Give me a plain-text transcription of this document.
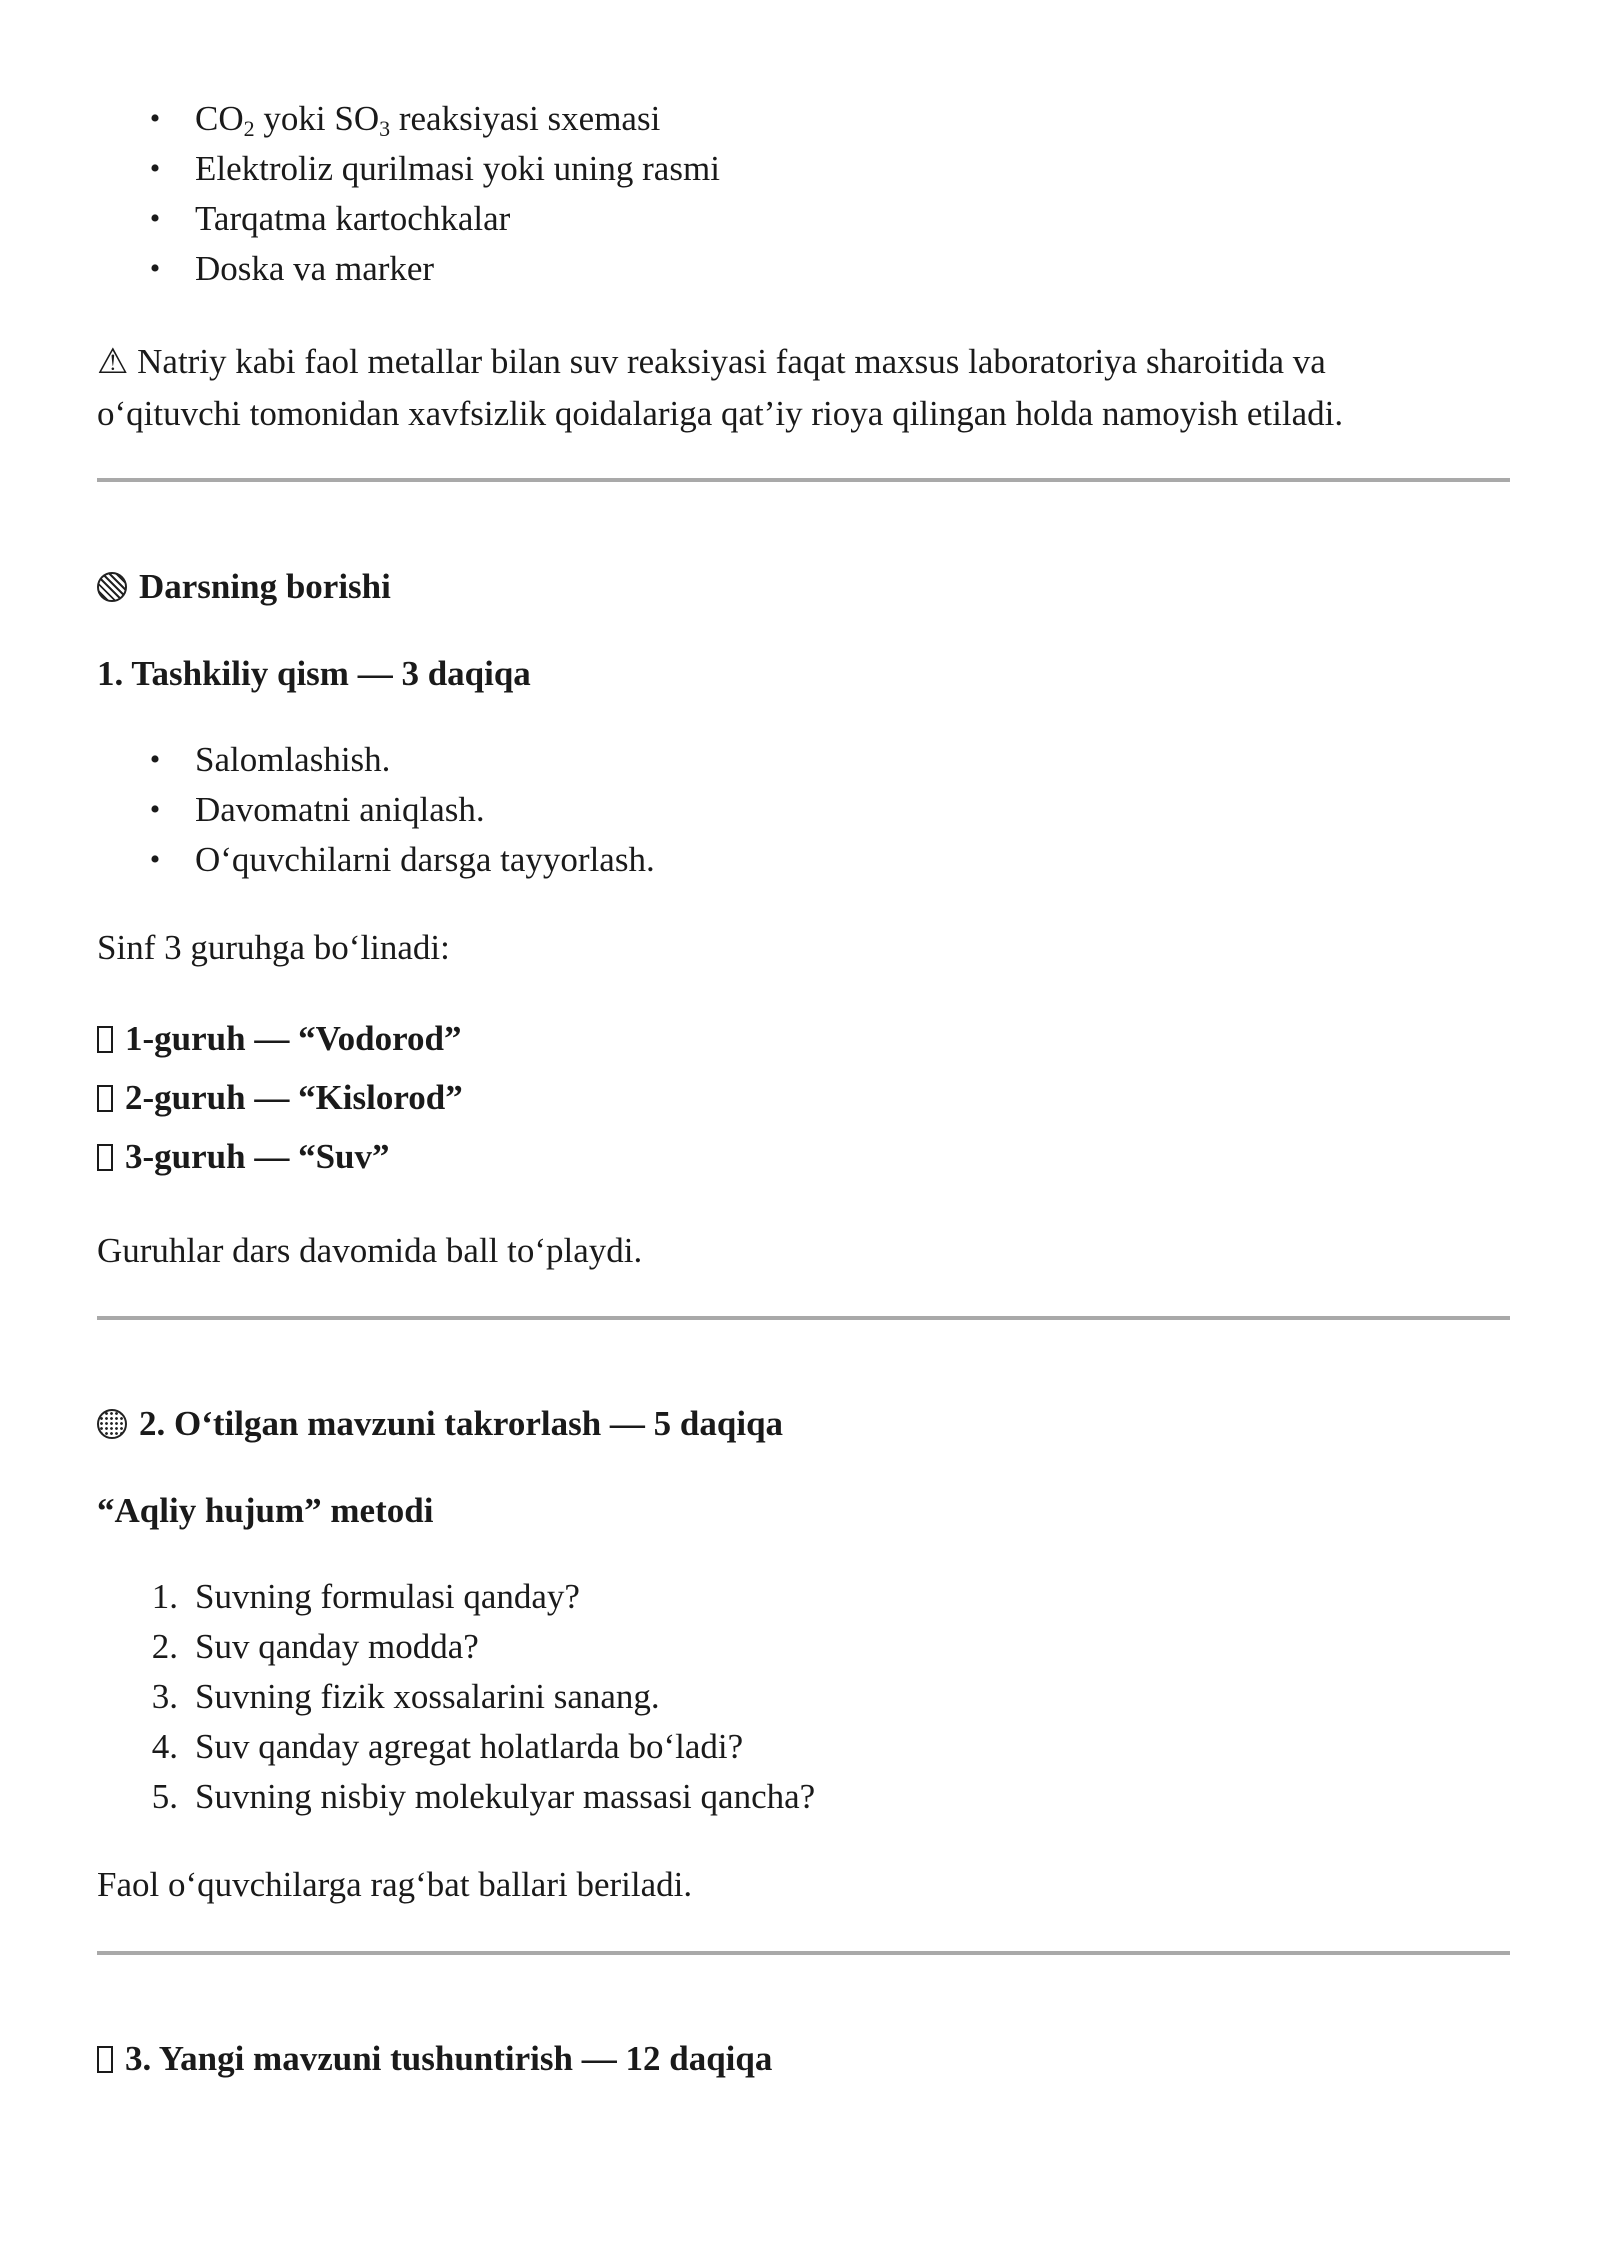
• $CO_2$ yoki $SO_3$ reaksiyasi sxemasi
• Elektroliz qurilmasi yoki uning rasmi
• Tarqatma kartochkalar
• Doska va marker
⚠ Natriy kabi faol metallar bilan suv reaksiyasi faqat maxsus laboratoriya sharoitida va
o‘qituvchi tomonidan xavfsizlik qoidalariga qat’iy rioya qilingan holda namoyish etiladi.
Darsning borishi
1. Tashkiliy qism — 3 daqiqa
• Salomlashish.
• Davomatni aniqlash.
• O‘quvchilarni darsga tayyorlash.
Sinf 3 guruhga bo‘linadi:
1-guruh — “Vodorod”
2-guruh — “Kislorod”
3-guruh — “Suv”
Guruhlar dars davomida ball to‘playdi.
2. O‘tilgan mavzuni takrorlash — 5 daqiqa
“Aqliy hujum” metodi
1. Suvning formulasi qanday?
2. Suv qanday modda?
3. Suvning fizik xossalarini sanang.
4. Suv qanday agregat holatlarda bo‘ladi?
5. Suvning nisbiy molekulyar massasi qancha?
Faol o‘quvchilarga rag‘bat ballari beriladi.
3. Yangi mavzuni tushuntirish — 12 daqiqa
